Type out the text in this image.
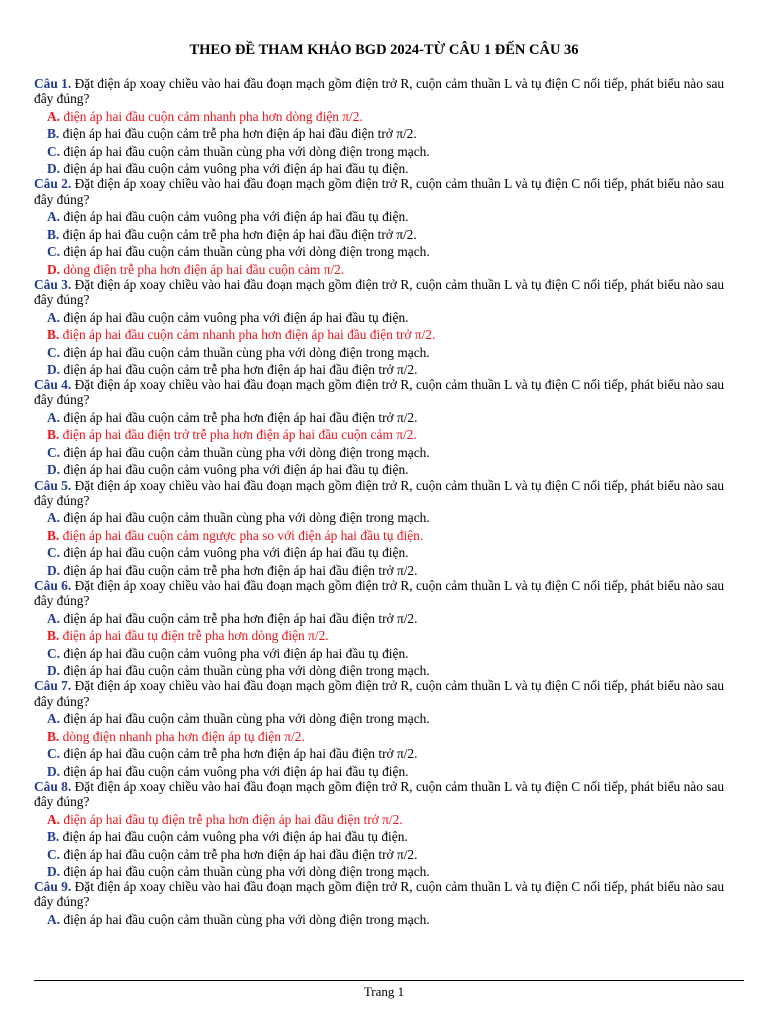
THEO ĐỀ THAM KHẢO BGD 2024-TỪ CÂU 1 ĐẾN CÂU 36

Câu 1. Đặt điện áp xoay chiều vào hai đầu đoạn mạch gồm điện trở R, cuộn cảm thuần L và tụ điện C nối tiếp, phát biểu nào sau đây đúng?

A. điện áp hai đầu cuộn cảm nhanh pha hơn dòng điện π/2.

B. điện áp hai đầu cuộn cảm trễ pha hơn điện áp hai đầu điện trở π/2.

C. điện áp hai đầu cuộn cảm thuần cùng pha với dòng điện trong mạch.

D. điện áp hai đầu cuộn cảm vuông pha với điện áp hai đầu tụ điện.

Câu 2. Đặt điện áp xoay chiều vào hai đầu đoạn mạch gồm điện trở R, cuộn cảm thuần L và tụ điện C nối tiếp, phát biểu nào sau đây đúng?

A. điện áp hai đầu cuộn cảm vuông pha với điện áp hai đầu tụ điện.

B. điện áp hai đầu cuộn cảm trễ pha hơn điện áp hai đầu điện trở π/2.

C. điện áp hai đầu cuộn cảm thuần cùng pha với dòng điện trong mạch.

D. dòng điện trễ pha hơn điện áp hai đầu cuộn cảm π/2.

Câu 3. Đặt điện áp xoay chiều vào hai đầu đoạn mạch gồm điện trở R, cuộn cảm thuần L và tụ điện C nối tiếp, phát biểu nào sau đây đúng?

A. điện áp hai đầu cuộn cảm vuông pha với điện áp hai đầu tụ điện.

B. điện áp hai đầu cuộn cảm nhanh pha hơn điện áp hai đầu điện trở π/2.

C. điện áp hai đầu cuộn cảm thuần cùng pha với dòng điện trong mạch.

D. điện áp hai đầu cuộn cảm trễ pha hơn điện áp hai đầu điện trở π/2.

Câu 4. Đặt điện áp xoay chiều vào hai đầu đoạn mạch gồm điện trở R, cuộn cảm thuần L và tụ điện C nối tiếp, phát biểu nào sau đây đúng?

A. điện áp hai đầu cuộn cảm trễ pha hơn điện áp hai đầu điện trở π/2.

B. điện áp hai đầu điện trở trễ pha hơn điện áp hai đầu cuộn cảm π/2.

C. điện áp hai đầu cuộn cảm thuần cùng pha với dòng điện trong mạch.

D. điện áp hai đầu cuộn cảm vuông pha với điện áp hai đầu tụ điện.

Câu 5. Đặt điện áp xoay chiều vào hai đầu đoạn mạch gồm điện trở R, cuộn cảm thuần L và tụ điện C nối tiếp, phát biểu nào sau đây đúng?

A. điện áp hai đầu cuộn cảm thuần cùng pha với dòng điện trong mạch.

B. điện áp hai đầu cuộn cảm ngược pha so với điện áp hai đầu tụ điện.

C. điện áp hai đầu cuộn cảm vuông pha với điện áp hai đầu tụ điện.

D. điện áp hai đầu cuộn cảm trễ pha hơn điện áp hai đầu điện trở π/2.

Câu 6. Đặt điện áp xoay chiều vào hai đầu đoạn mạch gồm điện trở R, cuộn cảm thuần L và tụ điện C nối tiếp, phát biểu nào sau đây đúng?

A. điện áp hai đầu cuộn cảm trễ pha hơn điện áp hai đầu điện trở π/2.

B. điện áp hai đầu tụ điện trễ pha hơn dòng điện π/2.

C. điện áp hai đầu cuộn cảm vuông pha với điện áp hai đầu tụ điện.

D. điện áp hai đầu cuộn cảm thuần cùng pha với dòng điện trong mạch.

Câu 7. Đặt điện áp xoay chiều vào hai đầu đoạn mạch gồm điện trở R, cuộn cảm thuần L và tụ điện C nối tiếp, phát biểu nào sau đây đúng?

A. điện áp hai đầu cuộn cảm thuần cùng pha với dòng điện trong mạch.

B. dòng điện nhanh pha hơn điện áp tụ điện π/2.

C. điện áp hai đầu cuộn cảm trễ pha hơn điện áp hai đầu điện trở π/2.

D. điện áp hai đầu cuộn cảm vuông pha với điện áp hai đầu tụ điện.

Câu 8. Đặt điện áp xoay chiều vào hai đầu đoạn mạch gồm điện trở R, cuộn cảm thuần L và tụ điện C nối tiếp, phát biểu nào sau đây đúng?

A. điện áp hai đầu tụ điện trễ pha hơn điện áp hai đầu điện trở π/2.

B. điện áp hai đầu cuộn cảm vuông pha với điện áp hai đầu tụ điện.

C. điện áp hai đầu cuộn cảm trễ pha hơn điện áp hai đầu điện trở π/2.

D. điện áp hai đầu cuộn cảm thuần cùng pha với dòng điện trong mạch.

Câu 9. Đặt điện áp xoay chiều vào hai đầu đoạn mạch gồm điện trở R, cuộn cảm thuần L và tụ điện C nối tiếp, phát biểu nào sau đây đúng?

A. điện áp hai đầu cuộn cảm thuần cùng pha với dòng điện trong mạch.

Trang 1
